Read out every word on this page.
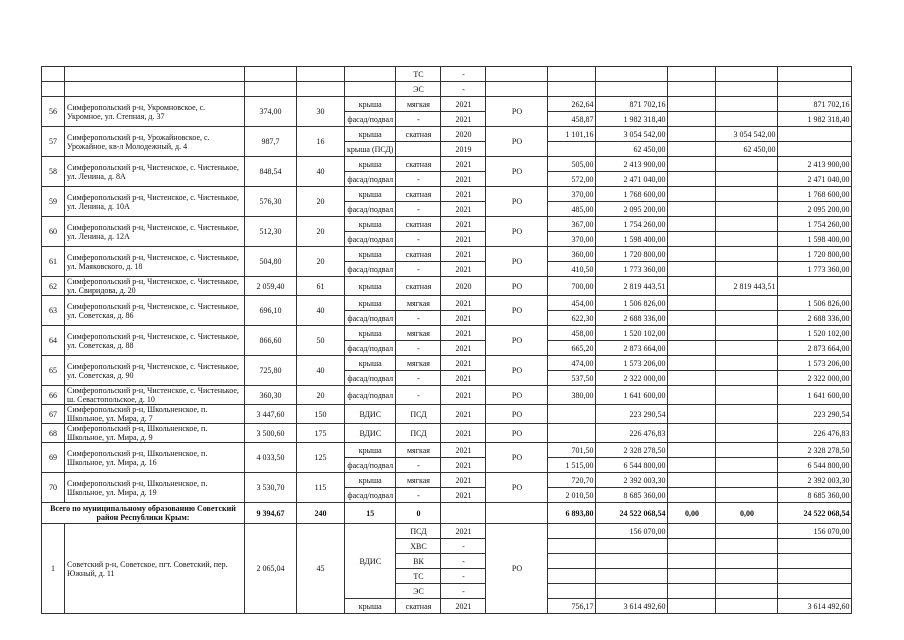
					ТС	-						
					ЭС	-						
56	Симферопольский р-н, Укромновское, с. Укромное, ул. Степная, д. 37	374,00	30	крыша	мягкая	2021	РО	262,64	871 702,16			871 702,16
				фасад/подвал	-	2021		458,87	1 982 318,40			1 982 318,40
57	Симферопольский р-н, Урожайновское, с. Урожайное, кв-л Молодежный, д. 4	987,7	16	крыша	скатная	2020	РО	1 101,16	3 054 542,00		3 054 542,00	
				крыша (ПСД)		2019			62 450,00		62 450,00	
58	Симферопольский р-н, Чистенское, с. Чистенькое, ул. Ленина, д. 8А	848,54	40	крыша	скатная	2021	РО	505,00	2 413 900,00			2 413 900,00
				фасад/подвал	-	2021		572,00	2 471 040,00			2 471 040,00
59	Симферопольский р-н, Чистенское, с. Чистенькое, ул. Ленина, д. 10А	576,30	20	крыша	скатная	2021	РО	370,00	1 768 600,00			1 768 600,00
				фасад/подвал	-	2021		485,00	2 095 200,00			2 095 200,00
60	Симферопольский р-н, Чистенское, с. Чистенькое, ул. Ленина, д. 12А	512,30	20	крыша	скатная	2021	РО	367,00	1 754 260,00			1 754 260,00
				фасад/подвал	-	2021		370,00	1 598 400,00			1 598 400,00
61	Симферопольский р-н, Чистенское, с. Чистенькое, ул. Маяковского, д. 18	504,80	20	крыша	скатная	2021	РО	360,00	1 720 800,00			1 720 800,00
				фасад/подвал	-	2021		410,50	1 773 360,00			1 773 360,00
62	Симферопольский р-н, Чистенское, с. Чистенькое, ул. Свиридова, д. 20	2 059,40	61	крыша	скатная	2020	РО	700,00	2 819 443,51		2 819 443,51	
63	Симферопольский р-н, Чистенское, с. Чистенькое, ул. Советская, д. 86	696,10	40	крыша	мягкая	2021	РО	454,00	1 506 826,00			1 506 826,00
				фасад/подвал	-	2021		622,30	2 688 336,00			2 688 336,00
64	Симферопольский р-н, Чистенское, с. Чистенькое, ул. Советская, д. 88	866,60	50	крыша	мягкая	2021	РО	458,00	1 520 102,00			1 520 102,00
				фасад/подвал	-	2021		665,20	2 873 664,00			2 873 664,00
65	Симферопольский р-н, Чистенское, с. Чистенькое, ул. Советская, д. 90	725,80	40	крыша	мягкая	2021	РО	474,00	1 573 206,00			1 573 206,00
				фасад/подвал	-	2021		537,50	2 322 000,00			2 322 000,00
66	Симферопольский р-н, Чистенское, с. Чистенькое, ш. Севастопольское, д. 10	360,30	20	фасад/подвал	-	2021	РО	380,00	1 641 600,00			1 641 600,00
67	Симферопольский р-н, Школьненское, п. Школьное, ул. Мира, д. 7	3 447,60	150	ВДИС	ПСД	2021	РО		223 290,54			223 290,54
68	Симферопольский р-н, Школьненское, п. Школьное, ул. Мира, д. 9	3 500,60	175	ВДИС	ПСД	2021	РО		226 476,83			226 476,83
69	Симферопольский р-н, Школьненское, п. Школьное, ул. Мира, д. 16	4 033,50	125	крыша	мягкая	2021	РО	701,50	2 328 278,50			2 328 278,50
				фасад/подвал	-	2021		1 515,00	6 544 800,00			6 544 800,00
70	Симферопольский р-н, Школьненское, п. Школьное, ул. Мира, д. 19	3 530,70	115	крыша	мягкая	2021	РО	720,70	2 392 003,30			2 392 003,30
				фасад/подвал	-	2021		2 010,50	8 685 360,00			8 685 360,00
Всего по муниципальному образованию Советский район Республики Крым:		9 394,67	240	15	0			6 893,80	24 522 068,54	0,00	0,00	24 522 068,54
1	Советский р-н, Советское, пгт. Советский, пер. Южный, д. 11	2 065,04	45	ВДИС	ПСД	2021	РО		156 070,00			156 070,00
					ХВС	-						
					ВК	-						
					ТС	-						
					ЭС	-						
				крыша	скатная	2021		756,17	3 614 492,60			3 614 492,60
